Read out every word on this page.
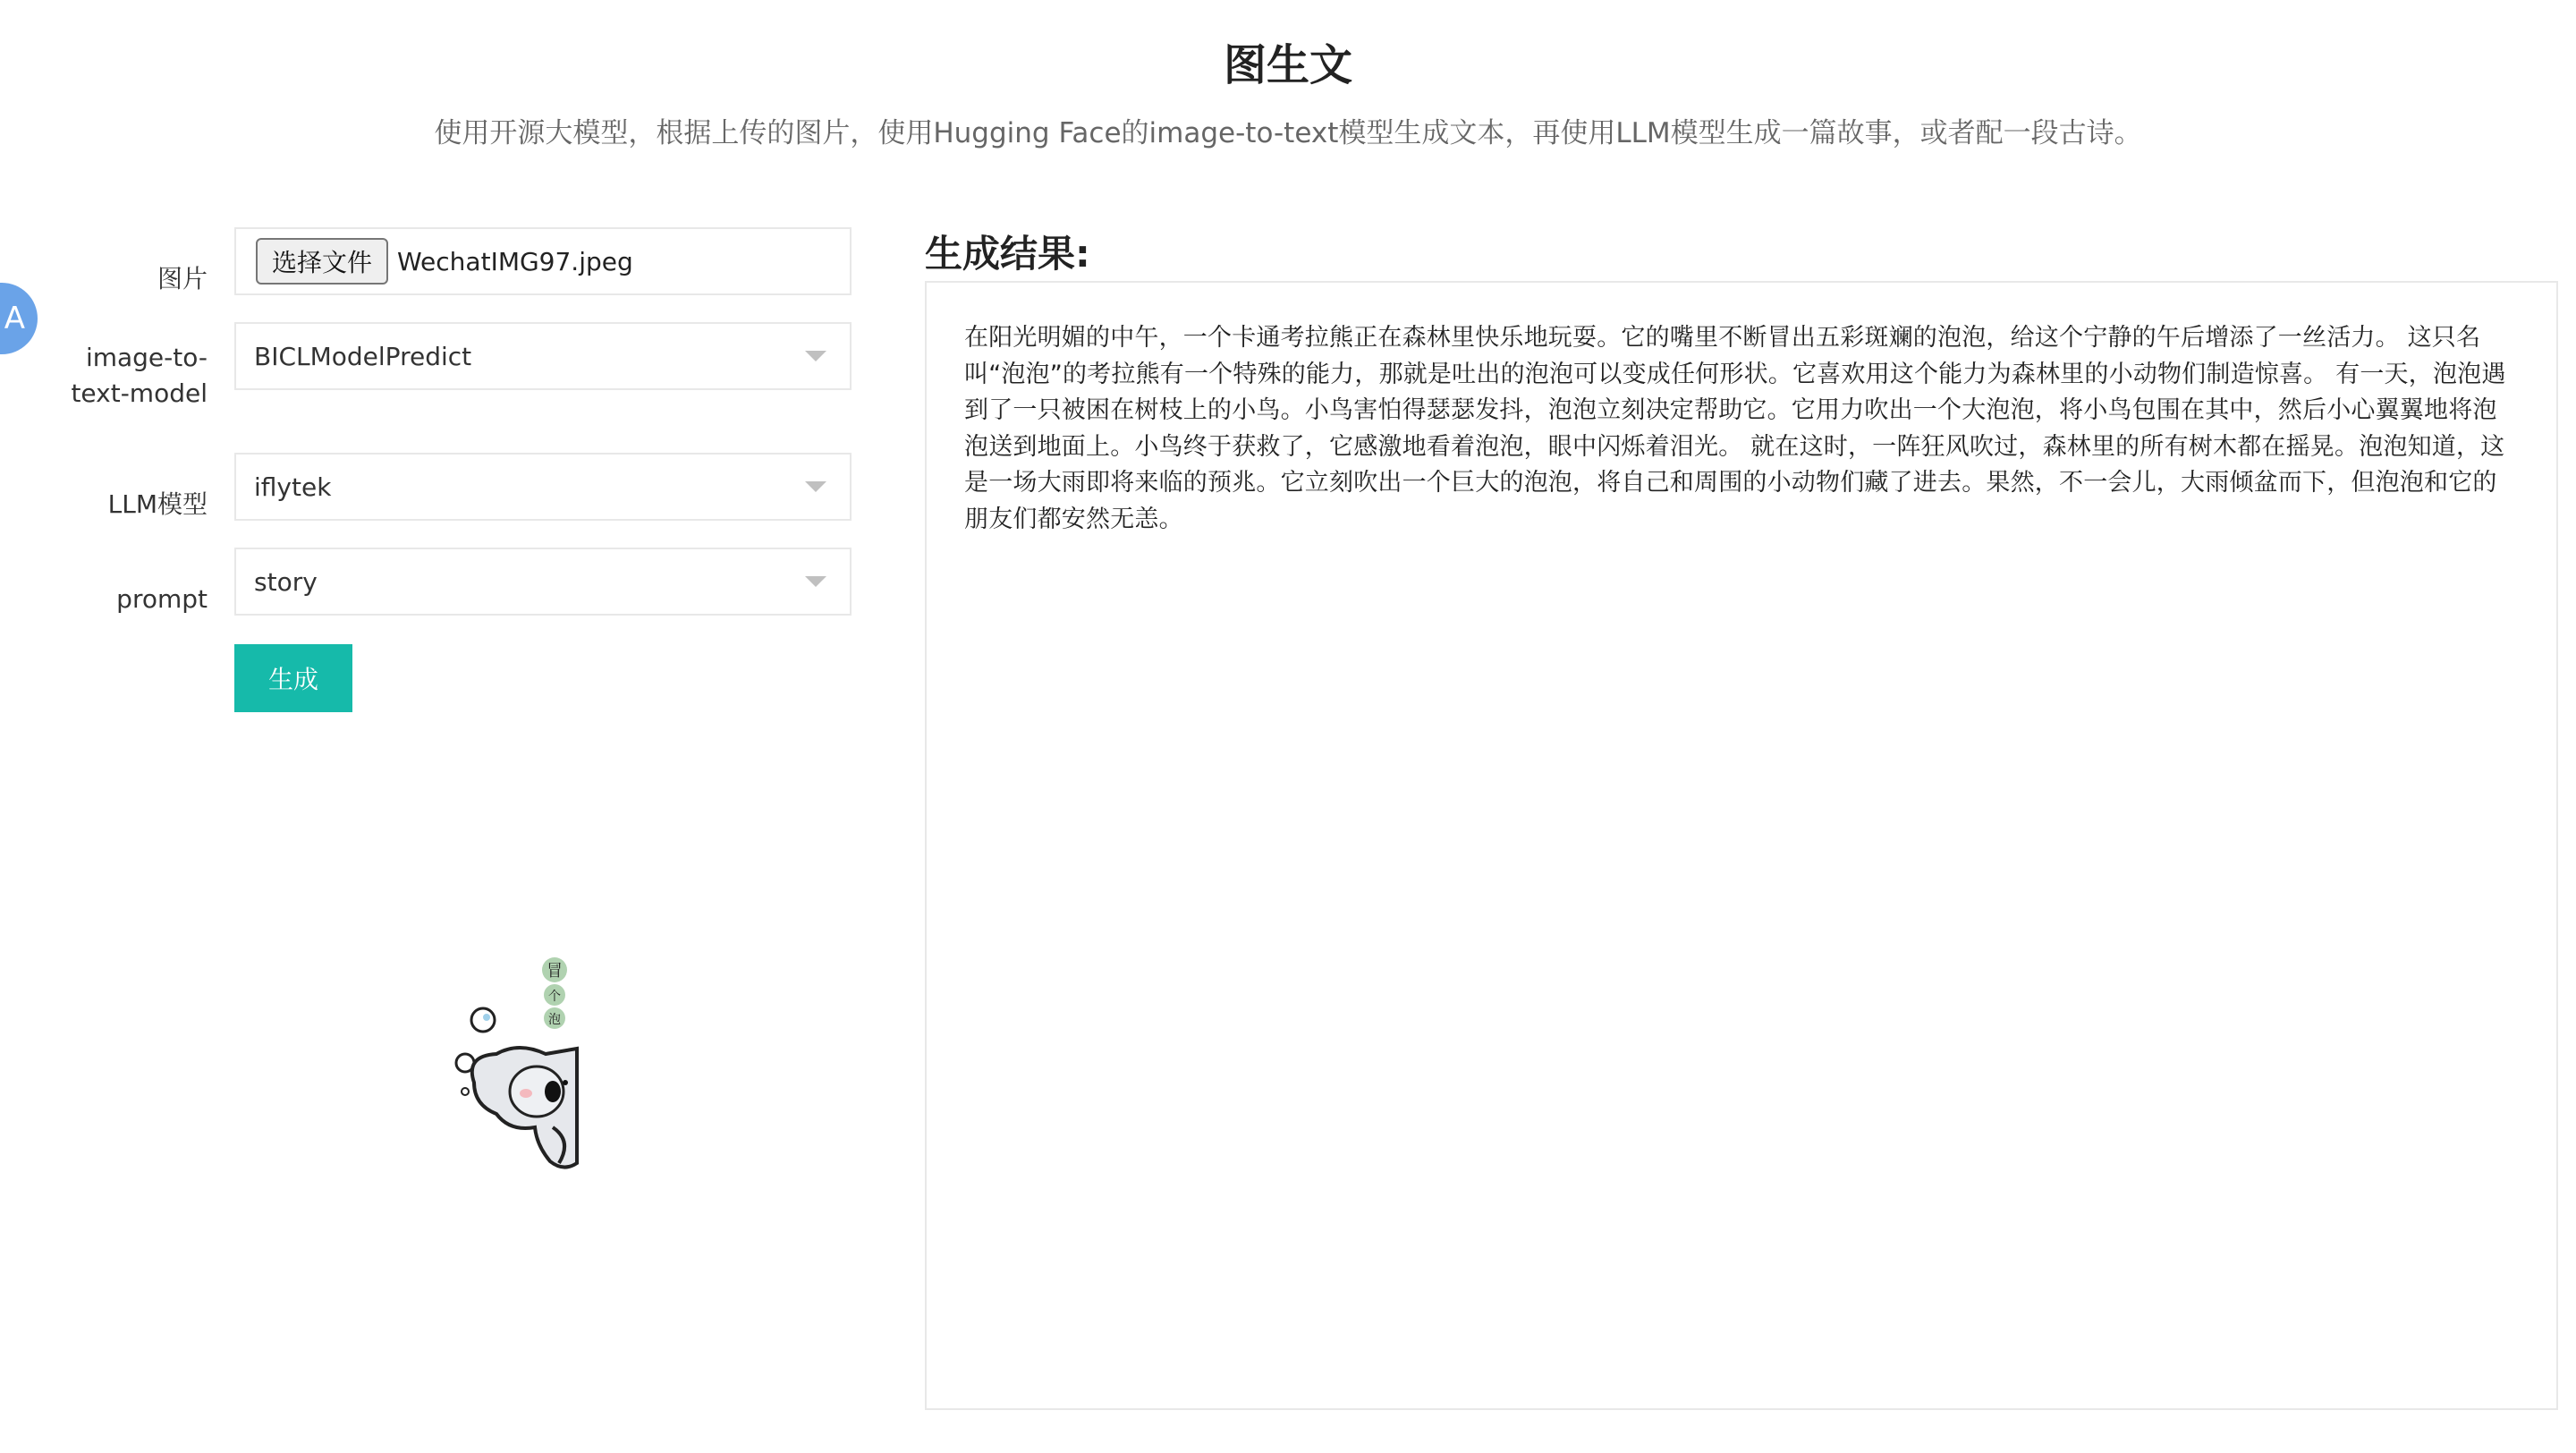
图生文

使用开源大模型，根据上传的图片，使用Hugging Face的image-to-text模型生成文本，再使用LLM模型生成一篇故事，或者配一段古诗。

A
图片
选择文件	WechatIMG97.jpeg
image-to-
text-model
BICLModelPredict
LLM模型
iflytek
prompt
story
生成
冒
个
泡
生成结果:

在阳光明媚的中午，一个卡通考拉熊正在森林里快乐地玩耍。它的嘴里不断冒出五彩斑斓的泡泡，给这个宁静的午后增添了一丝活力。 这只名叫“泡泡”的考拉熊有一个特殊的能力，那就是吐出的泡泡可以变成任何形状。它喜欢用这个能力为森林里的小动物们制造惊喜。 有一天，泡泡遇到了一只被困在树枝上的小鸟。小鸟害怕得瑟瑟发抖，泡泡立刻决定帮助它。它用力吹出一个大泡泡，将小鸟包围在其中，然后小心翼翼地将泡泡送到地面上。小鸟终于获救了，它感激地看着泡泡，眼中闪烁着泪光。 就在这时，一阵狂风吹过，森林里的所有树木都在摇晃。泡泡知道，这是一场大雨即将来临的预兆。它立刻吹出一个巨大的泡泡，将自己和周围的小动物们藏了进去。果然，不一会儿，大雨倾盆而下，但泡泡和它的朋友们都安然无恙。
